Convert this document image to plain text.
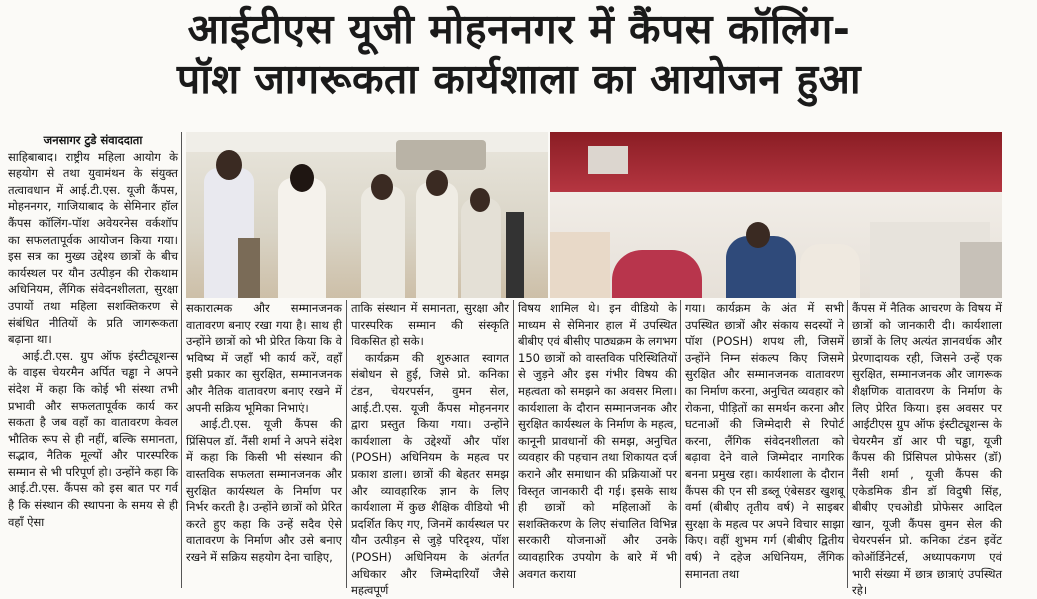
आईटीएस यूजी मोहननगर में कैंपस कॉलिंग-
पॉश जागरूकता कार्यशाला का आयोजन हुआ

जनसागर टुडे संवाददाता

साहिबाबाद। राष्ट्रीय महिला आयोग के सहयोग से तथा युवामंथन के संयुक्त तत्वावधान में आई.टी.एस. यूजी कैंपस, मोहननगर, गाजियाबाद के सेमिनार हॉल कैंपस कॉलिंग-पॉश अवेयरनेस वर्कशॉप का सफलतापूर्वक आयोजन किया गया। इस सत्र का मुख्य उद्देश्य छात्रों के बीच कार्यस्थल पर यौन उत्पीड़न की रोकथाम अधिनियम, लैंगिक संवेदनशीलता, सुरक्षा उपायों तथा महिला सशक्तिकरण से संबंधित नीतियों के प्रति जागरूकता बढ़ाना था।

आई.टी.एस. ग्रुप ऑफ इंस्टीट्यूशन्स के वाइस चेयरमैन अर्पित चड्ढा ने अपने संदेश में कहा कि कोई भी संस्था तभी प्रभावी और सफलतापूर्वक कार्य कर सकता है जब वहाँ का वातावरण केवल भौतिक रूप से ही नहीं, बल्कि समानता, सद्भाव, नैतिक मूल्यों और पारस्परिक सम्मान से भी परिपूर्ण हो। उन्होंने कहा कि आई.टी.एस. कैंपस को इस बात पर गर्व है कि संस्थान की स्थापना के समय से ही वहाँ ऐसा

सकारात्मक और सम्मानजनक वातावरण बनाए रखा गया है। साथ ही उन्होंने छात्रों को भी प्रेरित किया कि वे भविष्य में जहाँ भी कार्य करें, वहाँ इसी प्रकार का सुरक्षित, सम्मानजनक और नैतिक वातावरण बनाए रखने में अपनी सक्रिय भूमिका निभाएं।

आई.टी.एस. यूजी कैंपस की प्रिंसिपल डॉ. नैंसी शर्मा ने अपने संदेश में कहा कि किसी भी संस्थान की वास्तविक सफलता सम्मानजनक और सुरक्षित कार्यस्थल के निर्माण पर निर्भर करती है। उन्होंने छात्रों को प्रेरित करते हुए कहा कि उन्हें सदैव ऐसे वातावरण के निर्माण और उसे बनाए रखने में सक्रिय सहयोग देना चाहिए,

ताकि संस्थान में समानता, सुरक्षा और पारस्परिक सम्मान की संस्कृति विकसित हो सके।

कार्यक्रम की शुरुआत स्वागत संबोधन से हुई, जिसे प्रो. कनिका टंडन, चेयरपर्सन, वुमन सेल, आई.टी.एस. यूजी कैंपस मोहननगर द्वारा प्रस्तुत किया गया। उन्होंने कार्यशाला के उद्देश्यों और पॉश (POSH) अधिनियम के महत्व पर प्रकाश डाला। छात्रों की बेहतर समझ और व्यावहारिक ज्ञान के लिए कार्यशाला में कुछ शैक्षिक वीडियो भी प्रदर्शित किए गए, जिनमें कार्यस्थल पर यौन उत्पीड़न से जुड़े परिदृश्य, पॉश (POSH) अधिनियम के अंतर्गत अधिकार और जिम्मेदारियाँ जैसे महत्वपूर्ण

विषय शामिल थे। इन वीडियो के माध्यम से सेमिनार हाल में उपस्थित बीबीए एवं बीसीए पाठ्यक्रम के लगभग 150 छात्रों को वास्तविक परिस्थितियों से जुड़ने और इस गंभीर विषय की महत्वता को समझने का अवसर मिला। कार्यशाला के दौरान सम्मानजनक और सुरक्षित कार्यस्थल के निर्माण के महत्व, कानूनी प्रावधानों की समझ, अनुचित व्यवहार की पहचान तथा शिकायत दर्ज कराने और समाधान की प्रक्रियाओं पर विस्तृत जानकारी दी गई। इसके साथ ही छात्रों को महिलाओं के सशक्तिकरण के लिए संचालित विभिन्न सरकारी योजनाओं और उनके व्यावहारिक उपयोग के बारे में भी अवगत कराया

गया। कार्यक्रम के अंत में सभी उपस्थित छात्रों और संकाय सदस्यों ने पॉश (POSH) शपथ ली, जिसमें उन्होंने निम्न संकल्प किए जिसमे सुरक्षित और सम्मानजनक वातावरण का निर्माण करना, अनुचित व्यवहार को रोकना, पीड़ितों का समर्थन करना और घटनाओं की जिम्मेदारी से रिपोर्ट करना, लैंगिक संवेदनशीलता को बढ़ावा देने वाले जिम्मेदार नागरिक बनना प्रमुख रहा। कार्यशाला के दौरान कैंपस की एन सी डब्लू एंबेसडर खुशबू वर्मा (बीबीए तृतीय वर्ष) ने साइबर सुरक्षा के महत्व पर अपने विचार साझा किए। वहीं शुभम गर्ग (बीबीए द्वितीय वर्ष) ने दहेज अधिनियम, लैंगिक समानता तथा

कैंपस में नैतिक आचरण के विषय में छात्रों को जानकारी दी। कार्यशाला छात्रों के लिए अत्यंत ज्ञानवर्धक और प्रेरणादायक रही, जिसने उन्हें एक सुरक्षित, सम्मानजनक और जागरूक शैक्षणिक वातावरण के निर्माण के लिए प्रेरित किया। इस अवसर पर आईटीएस ग्रुप ऑफ इंस्टीट्यूशन्स के चेयरमैन डॉ आर पी चड्ढा, यूजी कैंपस की प्रिंसिपल प्रोफेसर (डॉ) नैंसी शर्मा , यूजी कैंपस की एकेडमिक डीन डॉ विदुषी सिंह, बीबीए एचओडी प्रोफेसर आदिल खान, यूजी कैंपस वुमन सेल की चेयरपर्सन प्रो. कनिका टंडन इवेंट को‌ऑर्डिनेटर्स, अध्यापकगण एवं भारी संख्या में छात्र छात्राएं उपस्थित रहे।
